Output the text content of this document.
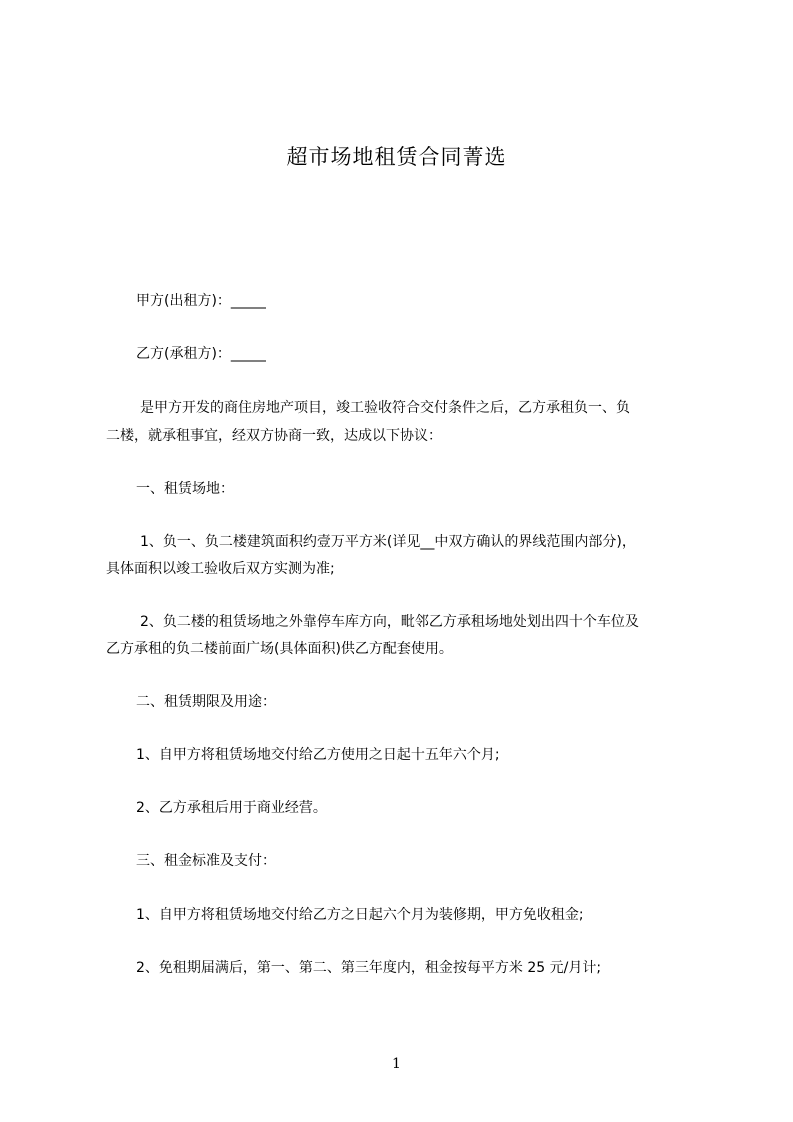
超市场地租赁合同菁选
甲方(出租方)：_____
乙方(承租方)：_____
是甲方开发的商住房地产项目，竣工验收符合交付条件之后，乙方承租负一、负
二楼，就承租事宜，经双方协商一致，达成以下协议：
一、租赁场地：
1、负一、负二楼建筑面积约壹万平方米(详见__中双方确认的界线范围内部分)，
具体面积以竣工验收后双方实测为准;
2、负二楼的租赁场地之外靠停车库方向，毗邻乙方承租场地处划出四十个车位及
乙方承租的负二楼前面广场(具体面积)供乙方配套使用。
二、租赁期限及用途：
1、自甲方将租赁场地交付给乙方使用之日起十五年六个月;
2、乙方承租后用于商业经营。
三、租金标准及支付：
1、自甲方将租赁场地交付给乙方之日起六个月为装修期，甲方免收租金;
2、免租期届满后，第一、第二、第三年度内，租金按每平方米 25 元/月计;
1
